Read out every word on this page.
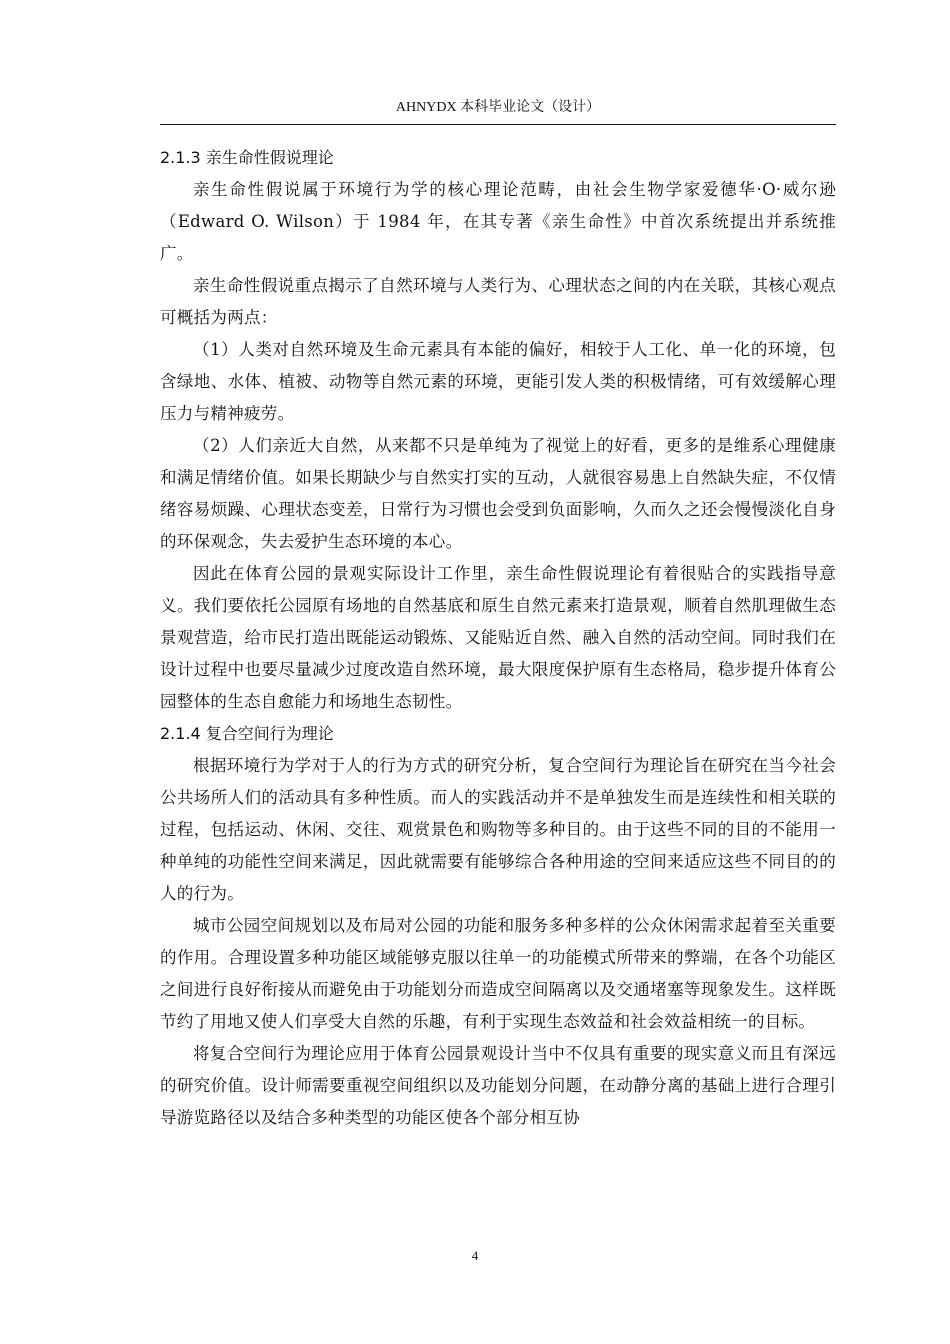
AHNYDX 本科毕业论文（设计）
2.1.3 亲生命性假说理论

亲生命性假说属于环境行为学的核心理论范畴，由社会生物学家爱德华·O·威尔逊（Edward O. Wilson）于 1984 年，在其专著《亲生命性》中首次系统提出并系统推广。

亲生命性假说重点揭示了自然环境与人类行为、心理状态之间的内在关联，其核心观点可概括为两点：

（1）人类对自然环境及生命元素具有本能的偏好，相较于人工化、单一化的环境，包含绿地、水体、植被、动物等自然元素的环境，更能引发人类的积极情绪，可有效缓解心理压力与精神疲劳。

（2）人们亲近大自然，从来都不只是单纯为了视觉上的好看，更多的是维系心理健康和满足情绪价值。如果长期缺少与自然实打实的互动，人就很容易患上自然缺失症，不仅情绪容易烦躁、心理状态变差，日常行为习惯也会受到负面影响，久而久之还会慢慢淡化自身的环保观念，失去爱护生态环境的本心。

因此在体育公园的景观实际设计工作里，亲生命性假说理论有着很贴合的实践指导意义。我们要依托公园原有场地的自然基底和原生自然元素来打造景观，顺着自然肌理做生态景观营造，给市民打造出既能运动锻炼、又能贴近自然、融入自然的活动空间。同时我们在设计过程中也要尽量减少过度改造自然环境，最大限度保护原有生态格局，稳步提升体育公园整体的生态自愈能力和场地生态韧性。

2.1.4 复合空间行为理论

根据环境行为学对于人的行为方式的研究分析，复合空间行为理论旨在研究在当今社会公共场所人们的活动具有多种性质。而人的实践活动并不是单独发生而是连续性和相关联的过程，包括运动、休闲、交往、观赏景色和购物等多种目的。由于这些不同的目的不能用一种单纯的功能性空间来满足，因此就需要有能够综合各种用途的空间来适应这些不同目的的人的行为。

城市公园空间规划以及布局对公园的功能和服务多种多样的公众休闲需求起着至关重要的作用。合理设置多种功能区域能够克服以往单一的功能模式所带来的弊端，在各个功能区之间进行良好衔接从而避免由于功能划分而造成空间隔离以及交通堵塞等现象发生。这样既节约了用地又使人们享受大自然的乐趣，有利于实现生态效益和社会效益相统一的目标。

将复合空间行为理论应用于体育公园景观设计当中不仅具有重要的现实意义而且有深远的研究价值。设计师需要重视空间组织以及功能划分问题，在动静分离的基础上进行合理引导游览路径以及结合多种类型的功能区使各个部分相互协

4
